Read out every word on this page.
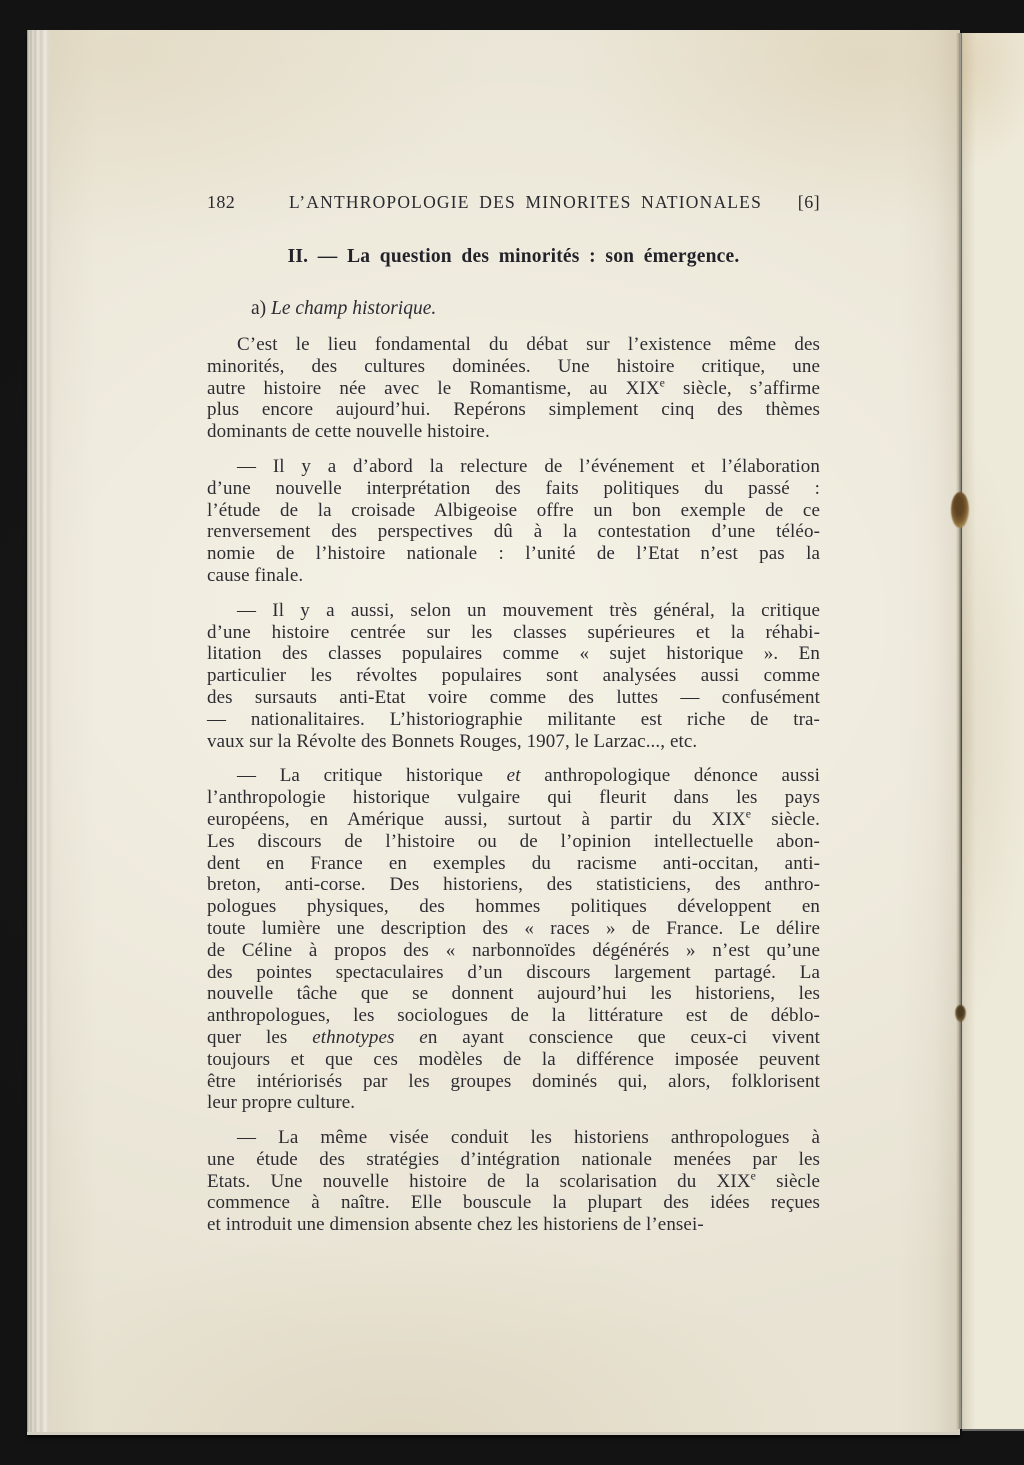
182	L’ANTHROPOLOGIE DES MINORITES NATIONALES	[6]
II. — La question des minorités : son émergence.
a) Le champ historique.
C’est le lieu fondamental du débat sur l’existence même des
minorités, des cultures dominées. Une histoire critique, une
autre histoire née avec le Romantisme, au XIXe siècle, s’affirme
plus encore aujourd’hui. Repérons simplement cinq des thèmes
dominants de cette nouvelle histoire.
— Il y a d’abord la relecture de l’événement et l’élaboration
d’une nouvelle interprétation des faits politiques du passé :
l’étude de la croisade Albigeoise offre un bon exemple de ce
renversement des perspectives dû à la contestation d’une téléo-
nomie de l’histoire nationale : l’unité de l’Etat n’est pas la
cause finale.
— Il y a aussi, selon un mouvement très général, la critique
d’une histoire centrée sur les classes supérieures et la réhabi-
litation des classes populaires comme « sujet historique ». En
particulier les révoltes populaires sont analysées aussi comme
des sursauts anti-Etat voire comme des luttes — confusément
— nationalitaires. L’historiographie militante est riche de tra-
vaux sur la Révolte des Bonnets Rouges, 1907, le Larzac..., etc.
— La critique historique et anthropologique dénonce aussi
l’anthropologie historique vulgaire qui fleurit dans les pays
européens, en Amérique aussi, surtout à partir du XIXe siècle.
Les discours de l’histoire ou de l’opinion intellectuelle abon-
dent en France en exemples du racisme anti-occitan, anti-
breton, anti-corse. Des historiens, des statisticiens, des anthro-
pologues physiques, des hommes politiques développent en
toute lumière une description des « races » de France. Le délire
de Céline à propos des « narbonnoïdes dégénérés » n’est qu’une
des pointes spectaculaires d’un discours largement partagé. La
nouvelle tâche que se donnent aujourd’hui les historiens, les
anthropologues, les sociologues de la littérature est de déblo-
quer les ethnotypes en ayant conscience que ceux-ci vivent
toujours et que ces modèles de la différence imposée peuvent
être intériorisés par les groupes dominés qui, alors, folklorisent
leur propre culture.
— La même visée conduit les historiens anthropologues à
une étude des stratégies d’intégration nationale menées par les
Etats. Une nouvelle histoire de la scolarisation du XIXe siècle
commence à naître. Elle bouscule la plupart des idées reçues
et introduit une dimension absente chez les historiens de l’ensei-
